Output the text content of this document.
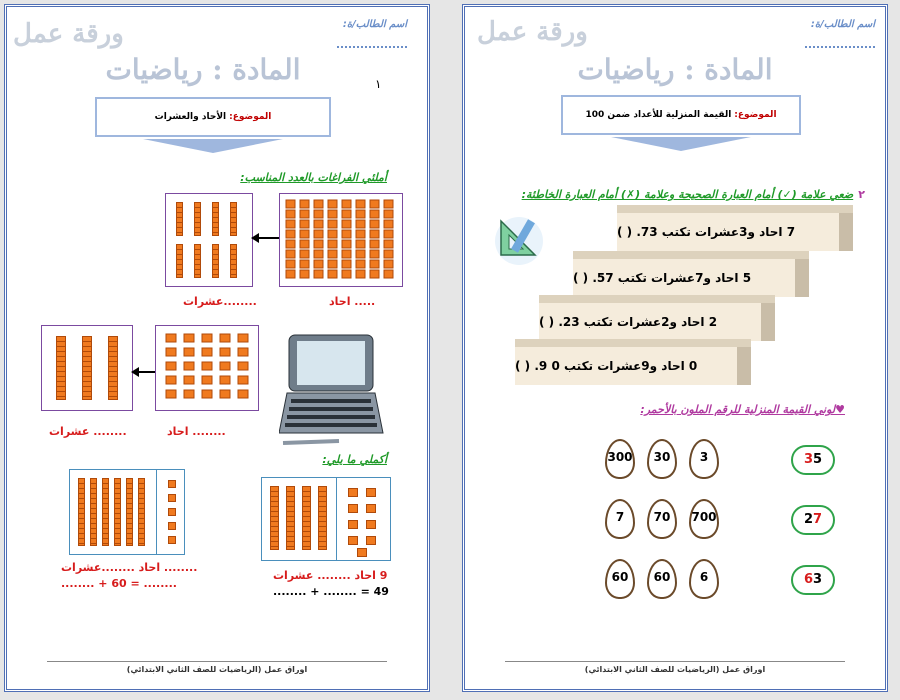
ورقة عمل	اسم الطالب/ة:
المادة : رياضيات
الموضوع:
القيمة المنزلية للأعداد ضمن 100
٢ ضعي علامة (✓) أمام العبارة الصحيحة وعلامة (✗) أمام العبارة الخاطئة:
7 احاد و3عشرات تكتب 73. ( )
5 احاد و7عشرات تكتب 57. ( )
2 احاد و2عشرات تكتب 23. ( )
0 احاد و9عشرات تكتب 0 9. ( )
♥لوني القيمة المنزلية للرقم الملون بالأحمر:
300	30	3	35
7	70	700	27
60	60	6	63
اوراق عمل (الرياضيات للصف الثاني الابتدائي)
ورقة عمل	اسم الطالب/ة:
المادة : رياضيات	١
الموضوع:
الأحاد والعشرات
أملئي الفراغات بالعدد المناسب:
........عشرات	..... احاد
........ عشرات	........ احاد
أكملي ما يلي:
........ احاد ........عشرات
........ = 60 + ........
9 احاد ........ عشرات
49 = ........ + ........
اوراق عمل (الرياضيات للصف الثاني الابتدائي)
